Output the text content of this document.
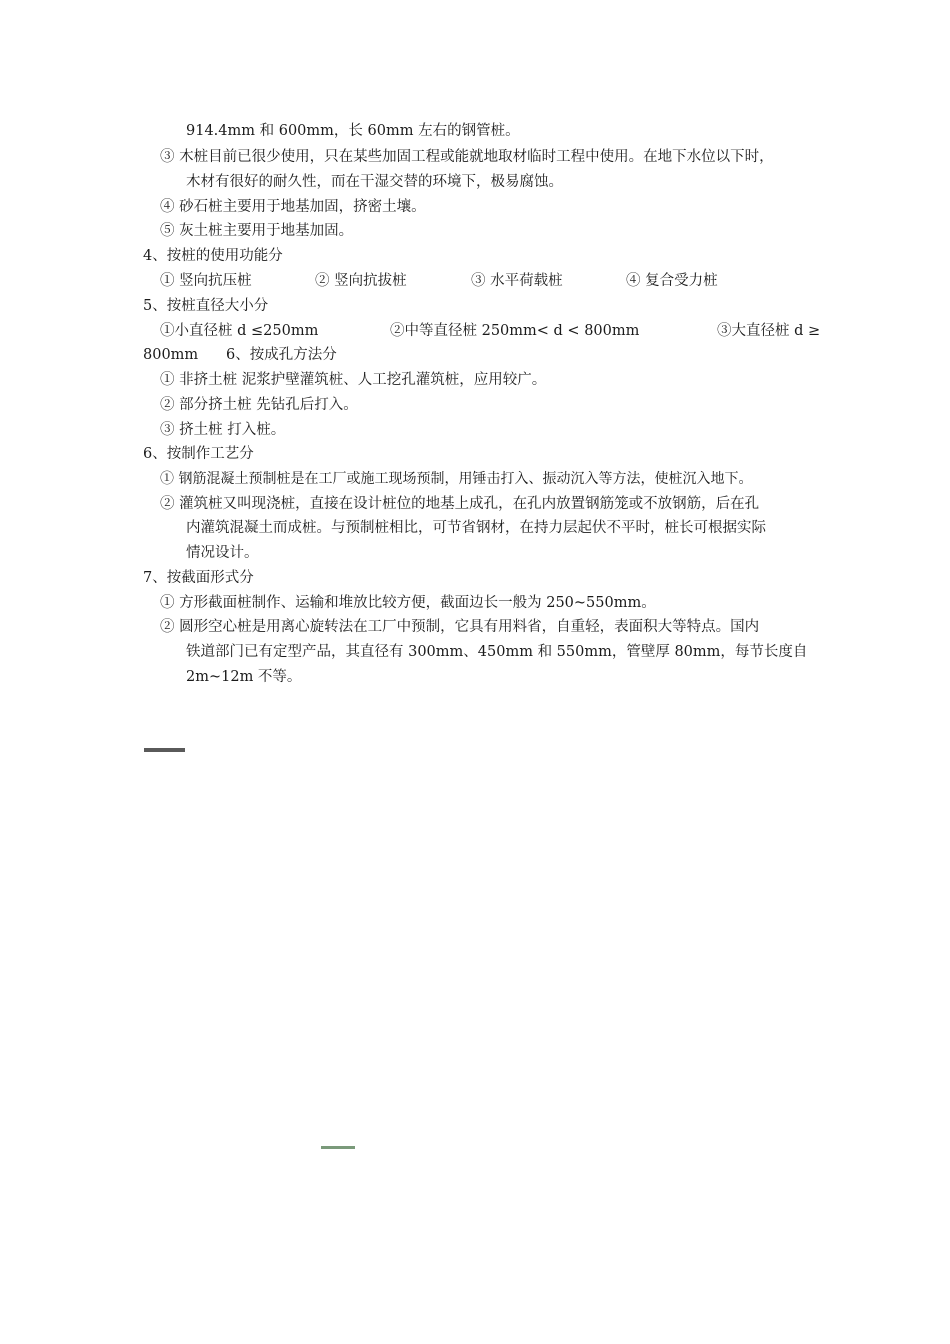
914.4mm 和 600mm，长 60mm 左右的钢管桩。
③ 木桩目前已很少使用，只在某些加固工程或能就地取材临时工程中使用。在地下水位以下时，
木材有很好的耐久性，而在干湿交替的环境下，极易腐蚀。
④ 砂石桩主要用于地基加固，挤密土壤。
⑤ 灰土桩主要用于地基加固。
4、按桩的使用功能分
① 竖向抗压桩	② 竖向抗拔桩	③ 水平荷载桩	④ 复合受力桩
5、按桩直径大小分
①小直径桩 d ≤250mm	②中等直径桩 250mm< d < 800mm	③大直径桩 d ≥
800mm 6、按成孔方法分
① 非挤土桩 泥浆护壁灌筑桩、人工挖孔灌筑桩，应用较广。
② 部分挤土桩 先钻孔后打入。
③ 挤土桩 打入桩。
6、按制作工艺分
① 钢筋混凝土预制桩是在工厂或施工现场预制，用锤击打入、振动沉入等方法，使桩沉入地下。
② 灌筑桩又叫现浇桩，直接在设计桩位的地基上成孔，在孔内放置钢筋笼或不放钢筋，后在孔
内灌筑混凝土而成桩。与预制桩相比，可节省钢材，在持力层起伏不平时，桩长可根据实际
情况设计。
7、按截面形式分
① 方形截面桩制作、运输和堆放比较方便，截面边长一般为 250~550mm。
② 圆形空心桩是用离心旋转法在工厂中预制，它具有用料省，自重轻，表面积大等特点。国内
铁道部门已有定型产品，其直径有 300mm、450mm 和 550mm，管壁厚 80mm，每节长度自
2m~12m 不等。
